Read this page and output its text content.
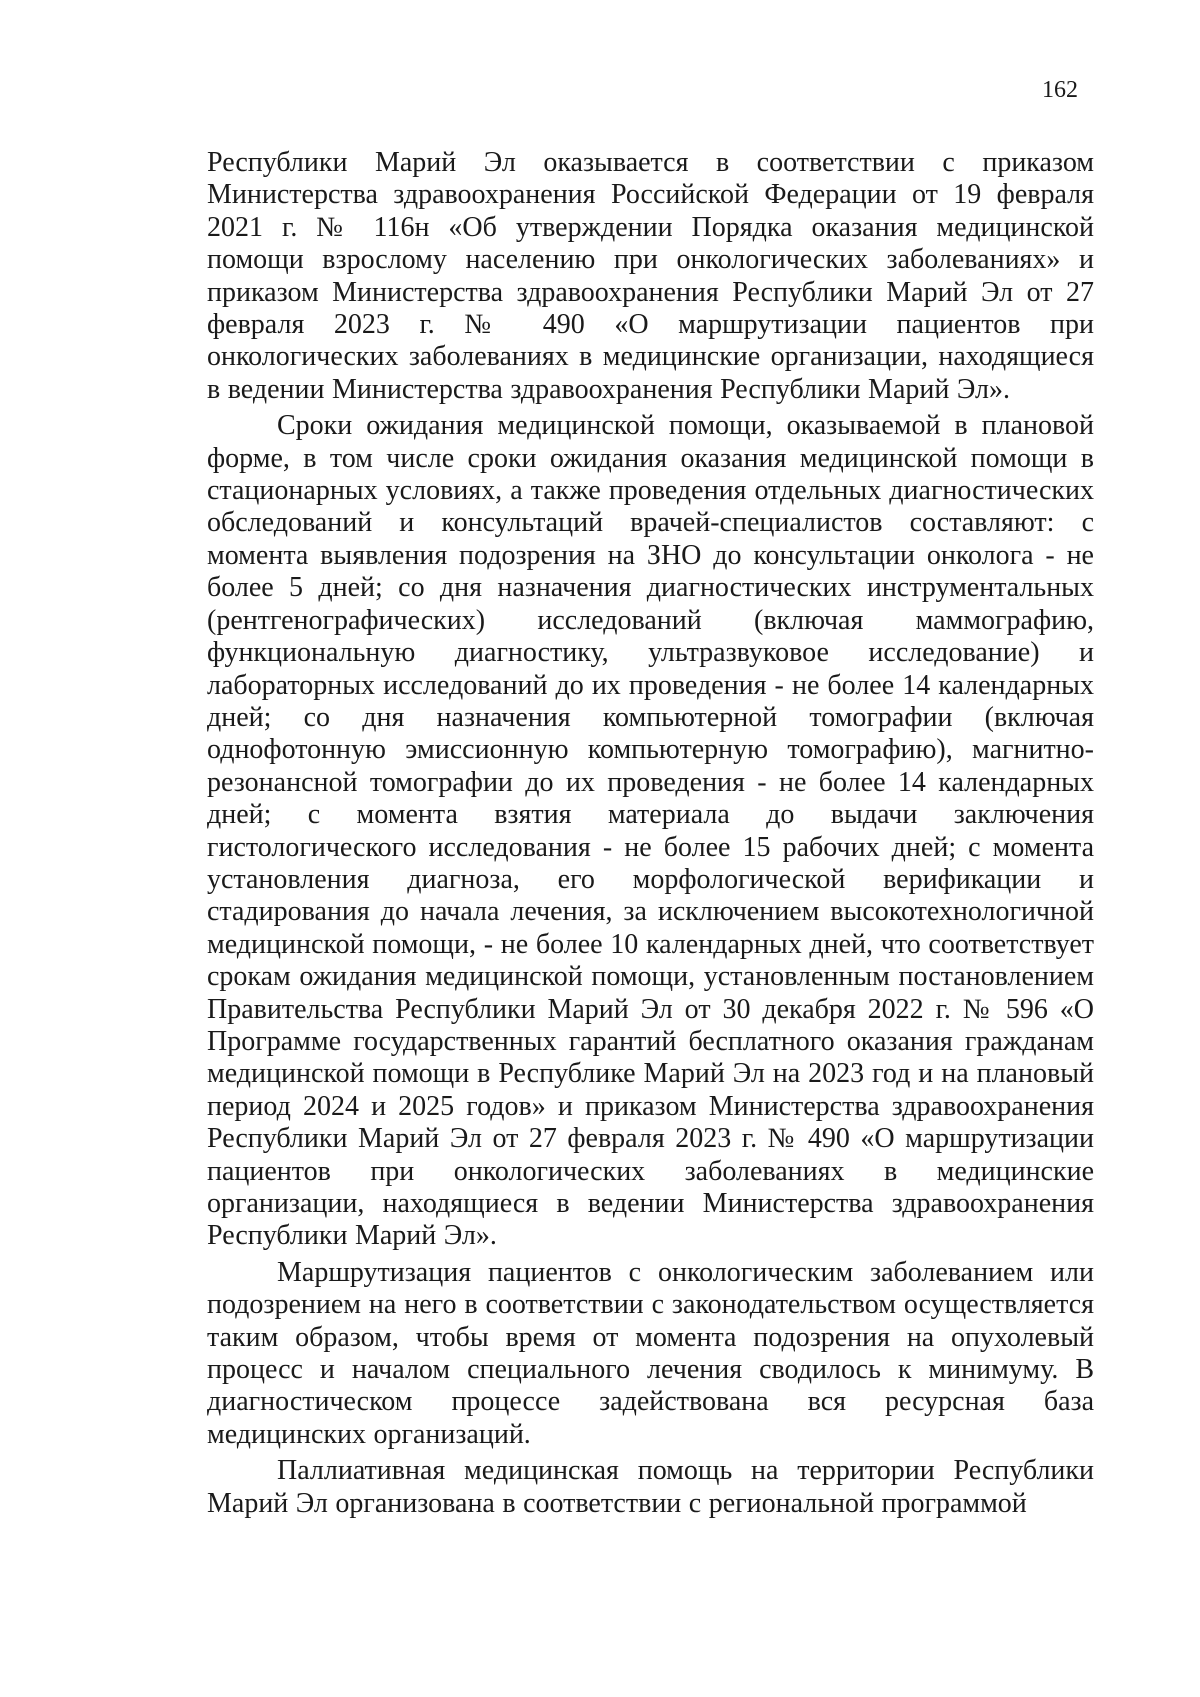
162

Республики Марий Эл оказывается в соответствии с приказом Министерства здравоохранения Российской Федерации от 19 февраля 2021 г. № 116н «Об утверждении Порядка оказания медицинской помощи взрослому населению при онкологических заболеваниях» и приказом Министерства здравоохранения Республики Марий Эл от 27 февраля 2023 г. № 490 «О маршрутизации пациентов при онкологических заболеваниях в медицинские организации, находящиеся в ведении Министерства здравоохранения Республики Марий Эл».

Сроки ожидания медицинской помощи, оказываемой в плановой форме, в том числе сроки ожидания оказания медицинской помощи в стационарных условиях, а также проведения отдельных диагностических обследований и консультаций врачей-специалистов составляют: с момента выявления подозрения на ЗНО до консультации онколога - не более 5 дней; со дня назначения диагностических инструментальных (рентгенографических) исследований (включая маммографию, функциональную диагностику, ультразвуковое исследование) и лабораторных исследований до их проведения - не более 14 календарных дней; со дня назначения компьютерной томографии (включая однофотонную эмиссионную компьютерную томографию), магнитно-резонансной томографии до их проведения - не более 14 календарных дней; с момента взятия материала до выдачи заключения гистологического исследования - не более 15 рабочих дней; с момента установления диагноза, его морфологической верификации и стадирования до начала лечения, за исключением высокотехнологичной медицинской помощи, - не более 10 календарных дней, что соответствует срокам ожидания медицинской помощи, установленным постановлением Правительства Республики Марий Эл от 30 декабря 2022 г. № 596 «О Программе государственных гарантий бесплатного оказания гражданам медицинской помощи в Республике Марий Эл на 2023 год и на плановый период 2024 и 2025 годов» и приказом Министерства здравоохранения Республики Марий Эл от 27 февраля 2023 г. № 490 «О маршрутизации пациентов при онкологических заболеваниях в медицинские организации, находящиеся в ведении Министерства здравоохранения Республики Марий Эл».

Маршрутизация пациентов с онкологическим заболеванием или подозрением на него в соответствии с законодательством осуществляется таким образом, чтобы время от момента подозрения на опухолевый процесс и началом специального лечения сводилось к минимуму. В диагностическом процессе задействована вся ресурсная база медицинских организаций.

Паллиативная медицинская помощь на территории Республики Марий Эл организована в соответствии с региональной программой
